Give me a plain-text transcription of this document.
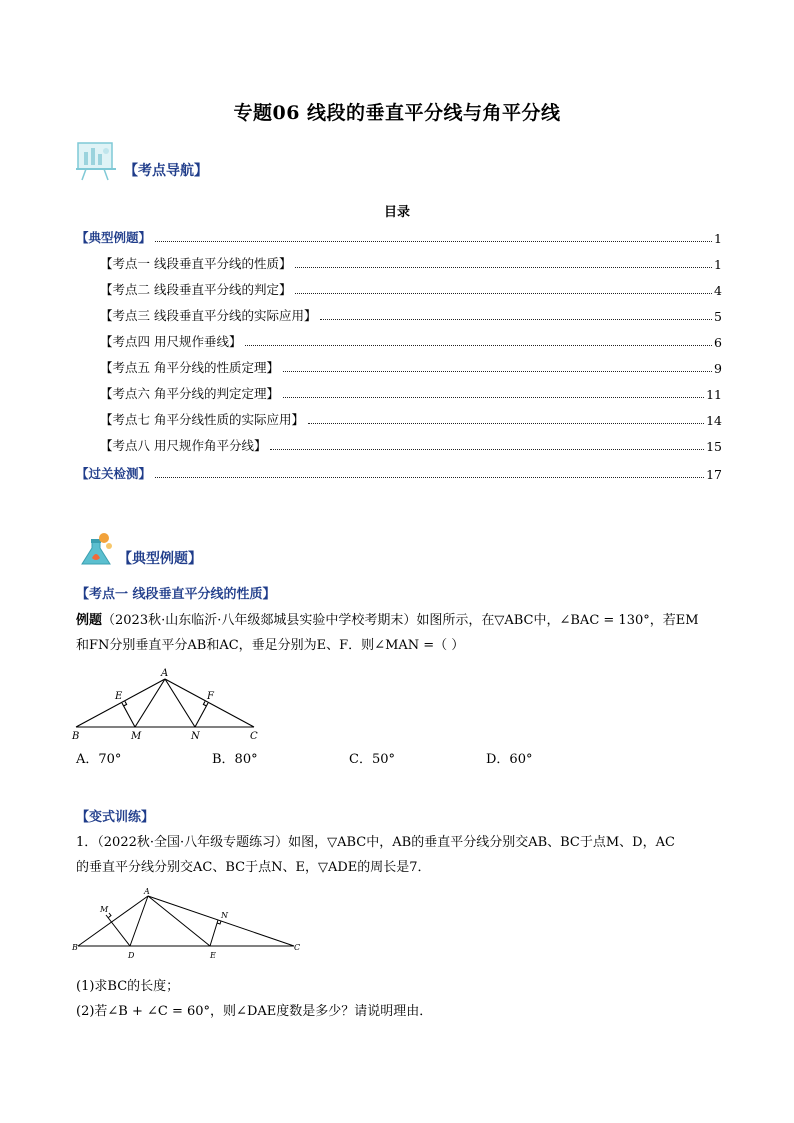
专题06 线段的垂直平分线与角平分线
【考点导航】
目录
【典型例题】	1
【考点一 线段垂直平分线的性质】	1
【考点二 线段垂直平分线的判定】	4
【考点三 线段垂直平分线的实际应用】	5
【考点四 用尺规作垂线】	6
【考点五 角平分线的性质定理】	9
【考点六 角平分线的判定定理】	11
【考点七 角平分线性质的实际应用】	14
【考点八 用尺规作角平分线】	15
【过关检测】	17
【典型例题】
【考点一 线段垂直平分线的性质】
例题（2023秋·山东临沂·八年级郯城县实验中学校考期末）如图所示，在▽ABC中，∠BAC = 130°，若EM
和FN分别垂直平分AB和AC，垂足分别为E、F．则∠MAN =（ ）
A
B	C
E	F
M	N
A．70°	B．80°	C．50°	D．60°
【变式训练】
1．（2022秋·全国·八年级专题练习）如图，▽ABC中，AB的垂直平分线分别交AB、BC于点M、D，AC
的垂直平分线分别交AC、BC于点N、E，▽ADE的周长是7．
A
B	C
D	E
M
N
(1)求BC的长度；
(2)若∠B + ∠C = 60°，则∠DAE度数是多少？请说明理由．
